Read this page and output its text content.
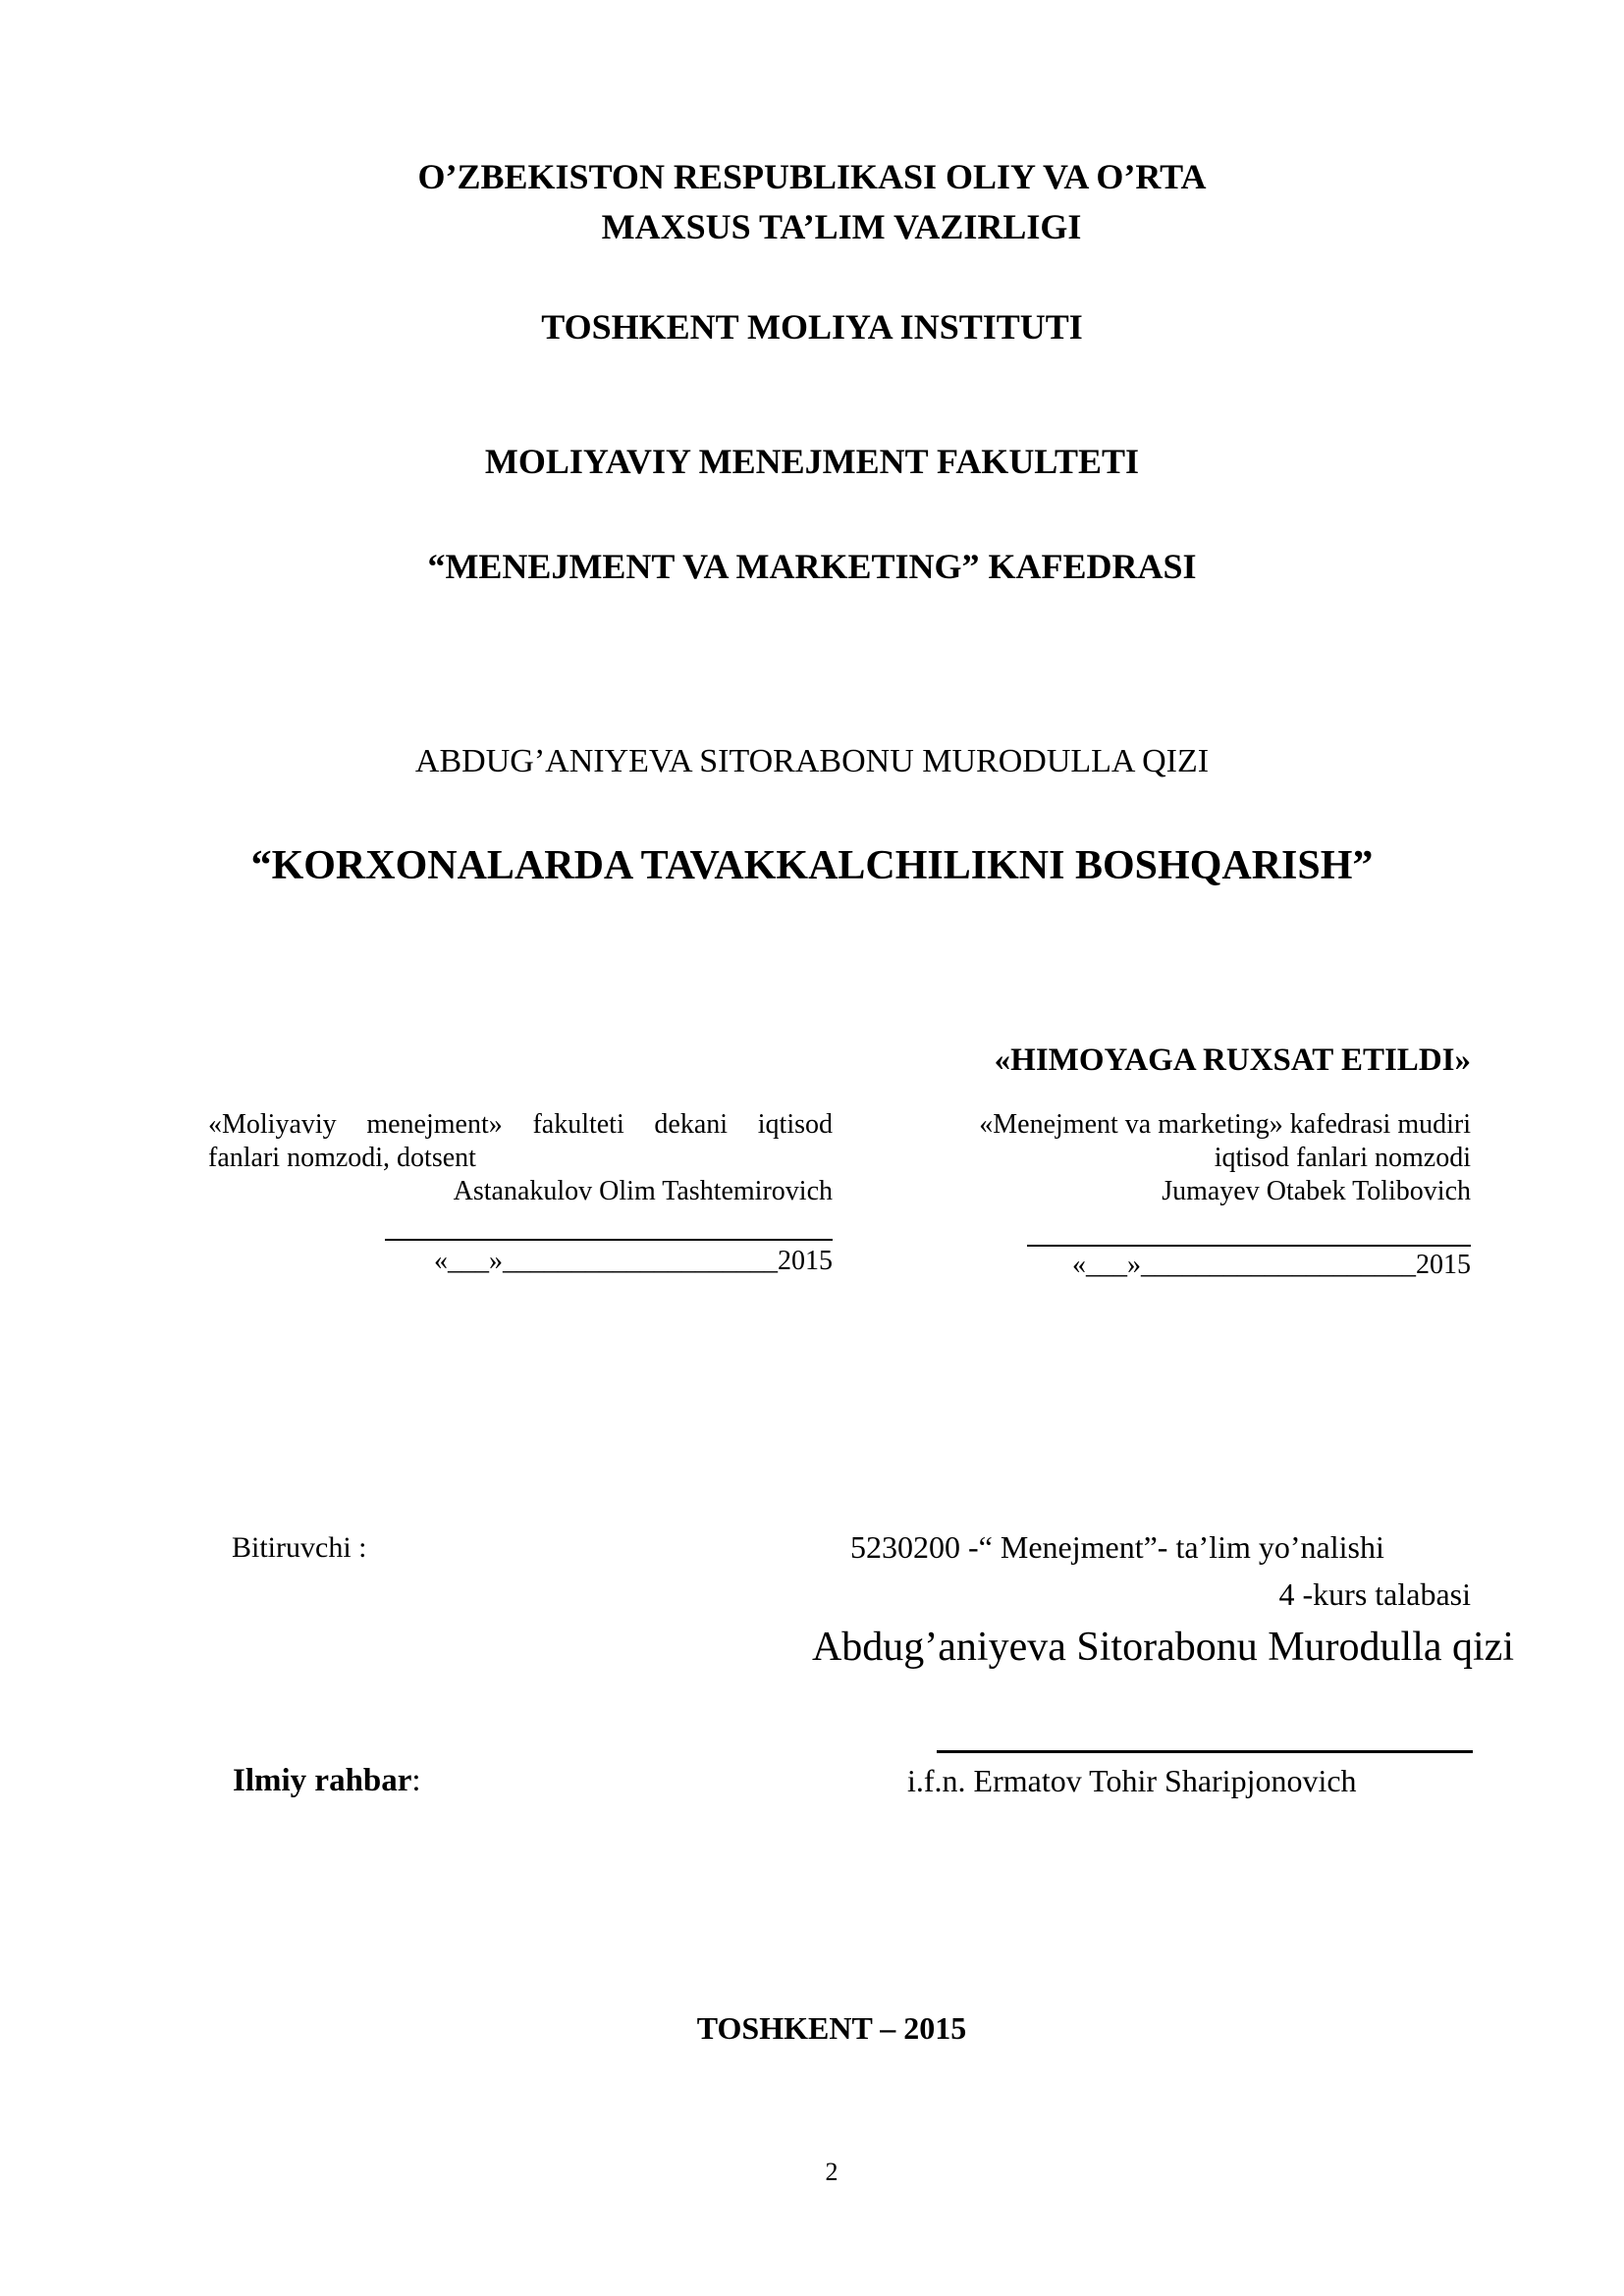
O’ZBEKISTON RESPUBLIKASI OLIY VA O’RTA

MAXSUS TA’LIM VAZIRLIGI

TOSHKENT MOLIYA INSTITUTI

MOLIYAVIY MENEJMENT FAKULTETI

“MENEJMENT VA MARKETING” KAFEDRASI

ABDUG’ANIYEVA SITORABONU MURODULLA QIZI

“KORXONALARDA TAVAKKALCHILIKNI BOSHQARISH”

«HIMOYAGA RUXSAT ETILDI»

«Moliyaviy menejment» fakulteti dekani iqtisod
fanlari nomzodi, dotsent
Astanakulov Olim Tashtemirovich

«___»____________________2015

«Menejment va marketing» kafedrasi mudiri
iqtisod fanlari nomzodi
Jumayev Otabek Tolibovich

«___»____________________2015

Bitiruvchi :	5230200 -“ Menejment”- ta’lim yo’nalishi

4 -kurs talabasi

Abdug’aniyeva Sitorabonu Murodulla qizi

Ilmiy rahbar:	i.f.n. Ermatov Tohir Sharipjonovich

TOSHKENT – 2015

2
